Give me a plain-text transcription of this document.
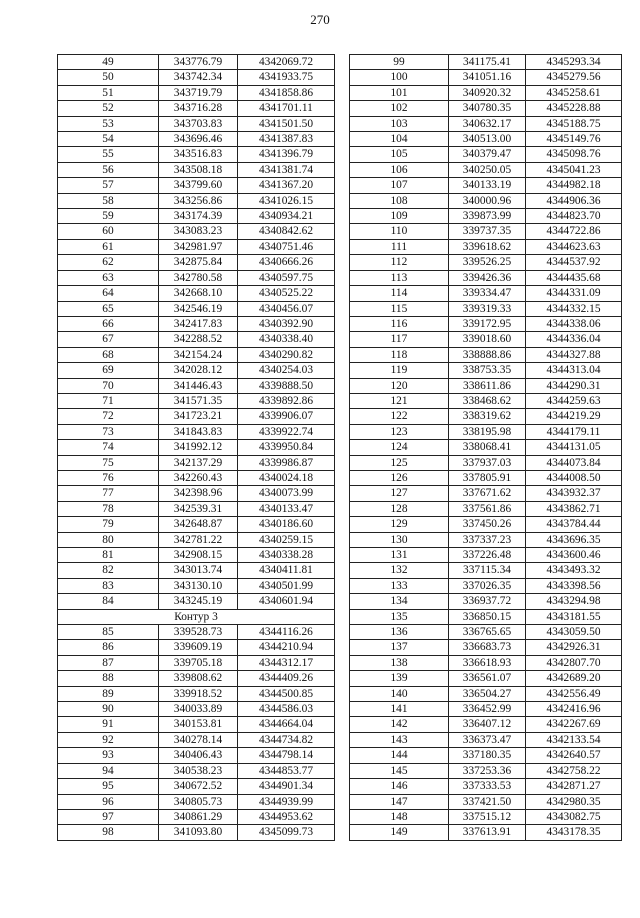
270
49	343776.79	4342069.72
50	343742.34	4341933.75
51	343719.79	4341858.86
52	343716.28	4341701.11
53	343703.83	4341501.50
54	343696.46	4341387.83
55	343516.83	4341396.79
56	343508.18	4341381.74
57	343799.60	4341367.20
58	343256.86	4341026.15
59	343174.39	4340934.21
60	343083.23	4340842.62
61	342981.97	4340751.46
62	342875.84	4340666.26
63	342780.58	4340597.75
64	342668.10	4340525.22
65	342546.19	4340456.07
66	342417.83	4340392.90
67	342288.52	4340338.40
68	342154.24	4340290.82
69	342028.12	4340254.03
70	341446.43	4339888.50
71	341571.35	4339892.86
72	341723.21	4339906.07
73	341843.83	4339922.74
74	341992.12	4339950.84
75	342137.29	4339986.87
76	342260.43	4340024.18
77	342398.96	4340073.99
78	342539.31	4340133.47
79	342648.87	4340186.60
80	342781.22	4340259.15
81	342908.15	4340338.28
82	343013.74	4340411.81
83	343130.10	4340501.99
84	343245.19	4340601.94
Контур 3		
85	339528.73	4344116.26
86	339609.19	4344210.94
87	339705.18	4344312.17
88	339808.62	4344409.26
89	339918.52	4344500.85
90	340033.89	4344586.03
91	340153.81	4344664.04
92	340278.14	4344734.82
93	340406.43	4344798.14
94	340538.23	4344853.77
95	340672.52	4344901.34
96	340805.73	4344939.99
97	340861.29	4344953.62
98	341093.80	4345099.73
99	341175.41	4345293.34
100	341051.16	4345279.56
101	340920.32	4345258.61
102	340780.35	4345228.88
103	340632.17	4345188.75
104	340513.00	4345149.76
105	340379.47	4345098.76
106	340250.05	4345041.23
107	340133.19	4344982.18
108	340000.96	4344906.36
109	339873.99	4344823.70
110	339737.35	4344722.86
111	339618.62	4344623.63
112	339526.25	4344537.92
113	339426.36	4344435.68
114	339334.47	4344331.09
115	339319.33	4344332.15
116	339172.95	4344338.06
117	339018.60	4344336.04
118	338888.86	4344327.88
119	338753.35	4344313.04
120	338611.86	4344290.31
121	338468.62	4344259.63
122	338319.62	4344219.29
123	338195.98	4344179.11
124	338068.41	4344131.05
125	337937.03	4344073.84
126	337805.91	4344008.50
127	337671.62	4343932.37
128	337561.86	4343862.71
129	337450.26	4343784.44
130	337337.23	4343696.35
131	337226.48	4343600.46
132	337115.34	4343493.32
133	337026.35	4343398.56
134	336937.72	4343294.98
135	336850.15	4343181.55
136	336765.65	4343059.50
137	336683.73	4342926.31
138	336618.93	4342807.70
139	336561.07	4342689.20
140	336504.27	4342556.49
141	336452.99	4342416.96
142	336407.12	4342267.69
143	336373.47	4342133.54
144	337180.35	4342640.57
145	337253.36	4342758.22
146	337333.53	4342871.27
147	337421.50	4342980.35
148	337515.12	4343082.75
149	337613.91	4343178.35
